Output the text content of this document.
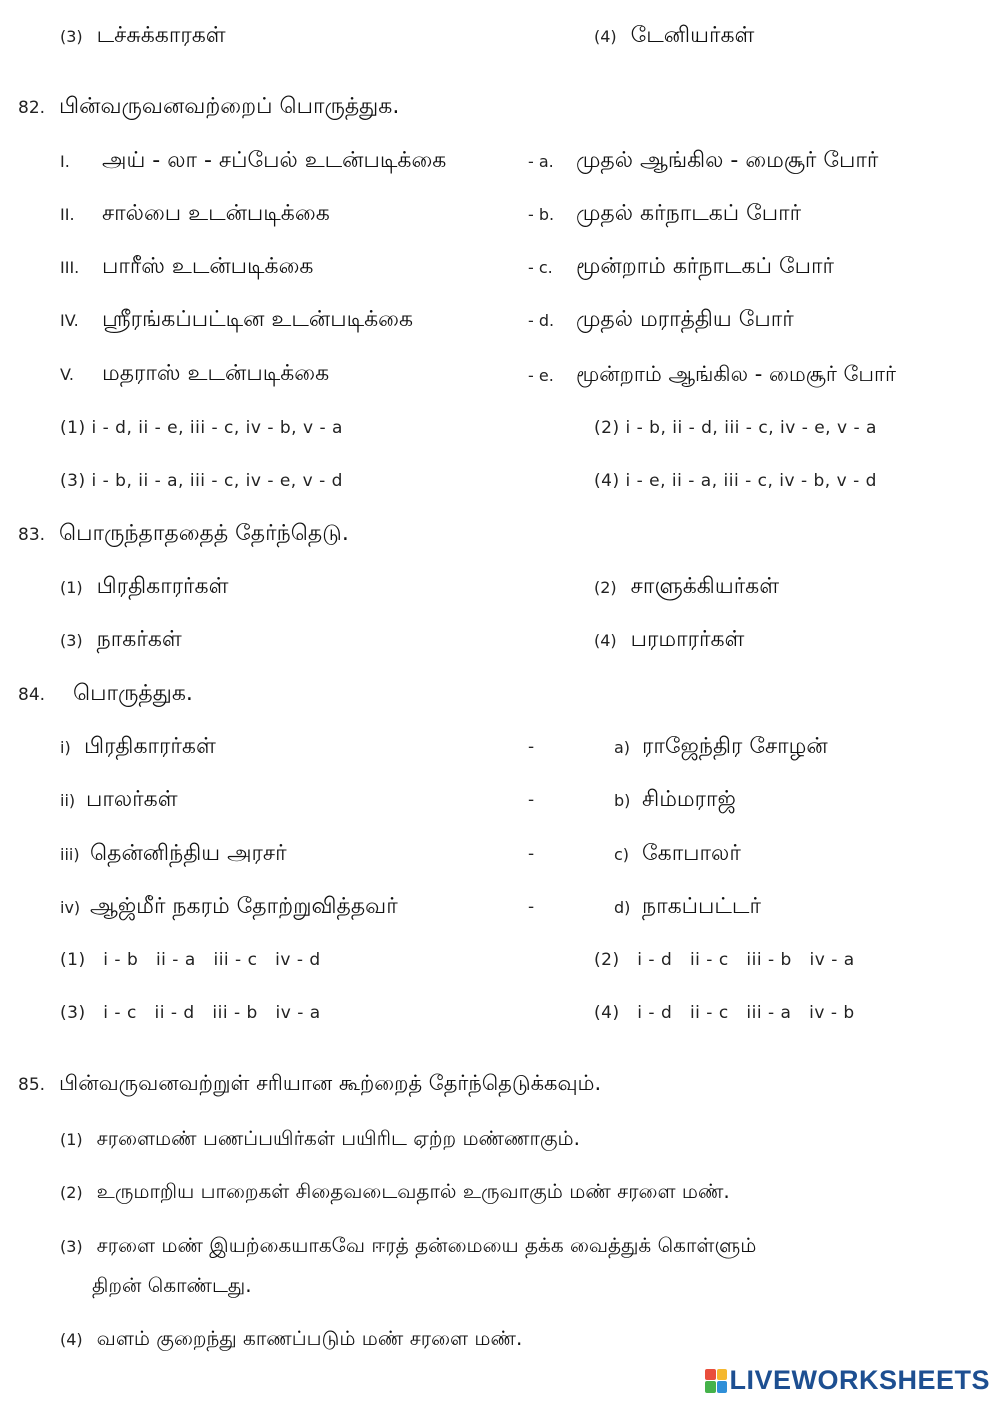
(3) டச்சுக்காரகள்	(4) டேனியர்கள்
82. பின்வருவனவற்றைப் பொருத்துக.
I. அய் - லா - சப்பேல் உடன்படிக்கை	- a. முதல் ஆங்கில - மைசூர் போர்
II. சால்பை உடன்படிக்கை	- b. முதல் கர்நாடகப் போர்
III. பாரீஸ் உடன்படிக்கை	- c. மூன்றாம் கர்நாடகப் போர்
IV. ஸ்ரீரங்கப்பட்டின உடன்படிக்கை	- d. முதல் மராத்திய போர்
V. மதராஸ் உடன்படிக்கை	- e. மூன்றாம் ஆங்கில - மைசூர் போர்
(1) i - d, ii - e, iii - c, iv - b, v - a	(2) i - b, ii - d, iii - c, iv - e, v - a
(3) i - b, ii - a, iii - c, iv - e, v - d	(4) i - e, ii - a, iii - c, iv - b, v - d
83. பொருந்தாததைத் தேர்ந்தெடு.
(1) பிரதிகாரர்கள்	(2) சாளுக்கியர்கள்
(3) நாகர்கள்	(4) பரமாரர்கள்
84. பொருத்துக.
i) பிரதிகாரர்கள்	-	a) ராஜேந்திர சோழன்
ii) பாலர்கள்	-	b) சிம்மராஜ்
iii) தென்னிந்திய அரசர்	-	c) கோபாலர்
iv) ஆஜ்மீர் நகரம் தோற்றுவித்தவர்	-	d) நாகப்பட்டர்
(1)   i - b   ii - a   iii - c   iv - d	(2)   i - d   ii - c   iii - b   iv - a
(3)   i - c   ii - d   iii - b   iv - a	(4)   i - d   ii - c   iii - a   iv - b
85. பின்வருவனவற்றுள் சரியான கூற்றைத் தேர்ந்தெடுக்கவும்.
(1) சரளைமண் பணப்பயிர்கள் பயிரிட ஏற்ற மண்ணாகும்.
(2) உருமாறிய பாறைகள் சிதைவடைவதால் உருவாகும் மண் சரளை மண்.
(3) சரளை மண் இயற்கையாகவே ஈரத் தன்மையை தக்க வைத்துக் கொள்ளும்
திறன் கொண்டது.
(4) வளம் குறைந்து காணப்படும் மண் சரளை மண்.
LIVEWORKSHEETS
